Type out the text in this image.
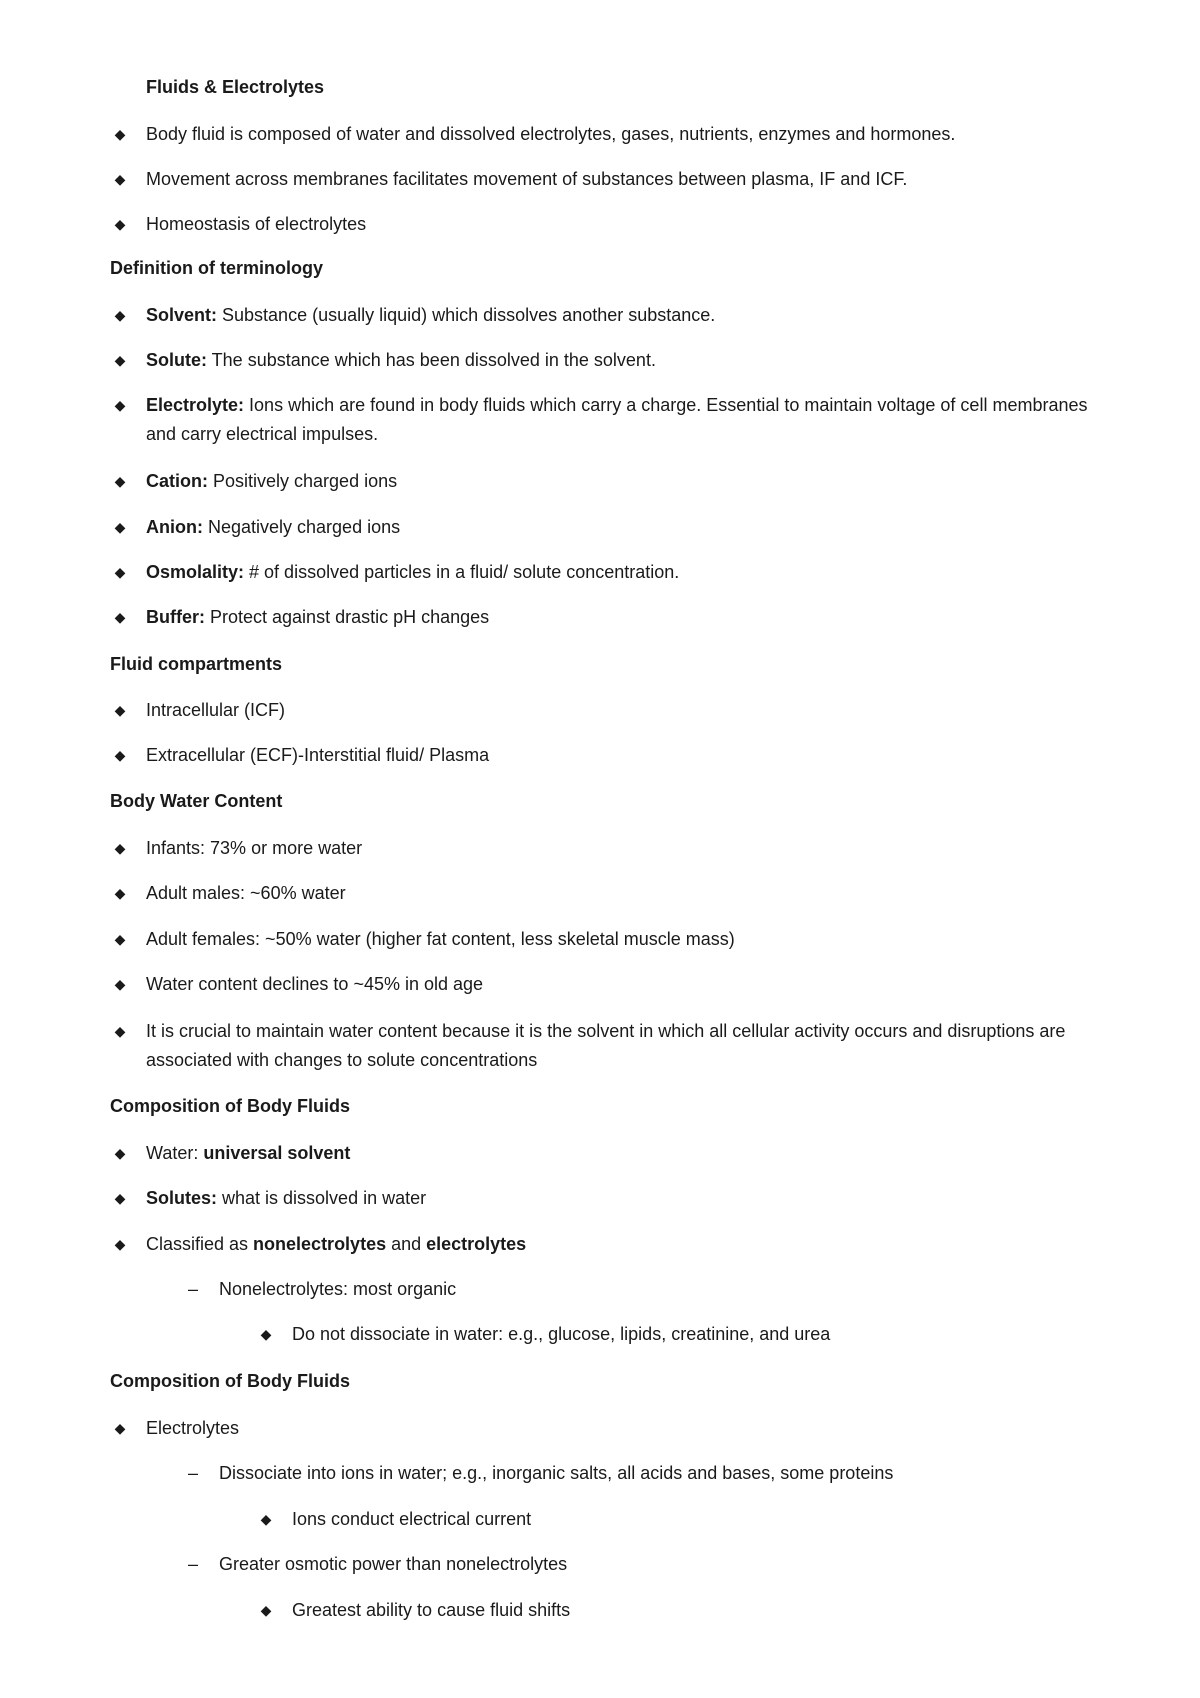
Fluids & Electrolytes
◆ Body fluid is composed of water and dissolved electrolytes, gases, nutrients, enzymes and hormones.
◆ Movement across membranes facilitates movement of substances between plasma, IF and ICF.
◆ Homeostasis of electrolytes
Definition of terminology
◆ Solvent: Substance (usually liquid) which dissolves another substance.
◆ Solute: The substance which has been dissolved in the solvent.
◆ Electrolyte: Ions which are found in body fluids which carry a charge. Essential to maintain voltage of cell membranes and carry electrical impulses.
◆ Cation: Positively charged ions
◆ Anion: Negatively charged ions
◆ Osmolality: # of dissolved particles in a fluid/ solute concentration.
◆ Buffer: Protect against drastic pH changes
Fluid compartments
◆ Intracellular (ICF)
◆ Extracellular (ECF)-Interstitial fluid/ Plasma
Body Water Content
◆ Infants: 73% or more water
◆ Adult males: ~60% water
◆ Adult females: ~50% water (higher fat content, less skeletal muscle mass)
◆ Water content declines to ~45% in old age
◆ It is crucial to maintain water content because it is the solvent in which all cellular activity occurs and disruptions are associated with changes to solute concentrations
Composition of Body Fluids
◆ Water: universal solvent
◆ Solutes: what is dissolved in water
◆ Classified as nonelectrolytes and electrolytes
– Nonelectrolytes: most organic
◆ Do not dissociate in water: e.g., glucose, lipids, creatinine, and urea
Composition of Body Fluids
◆ Electrolytes
– Dissociate into ions in water; e.g., inorganic salts, all acids and bases, some proteins
◆ Ions conduct electrical current
– Greater osmotic power than nonelectrolytes
◆ Greatest ability to cause fluid shifts
